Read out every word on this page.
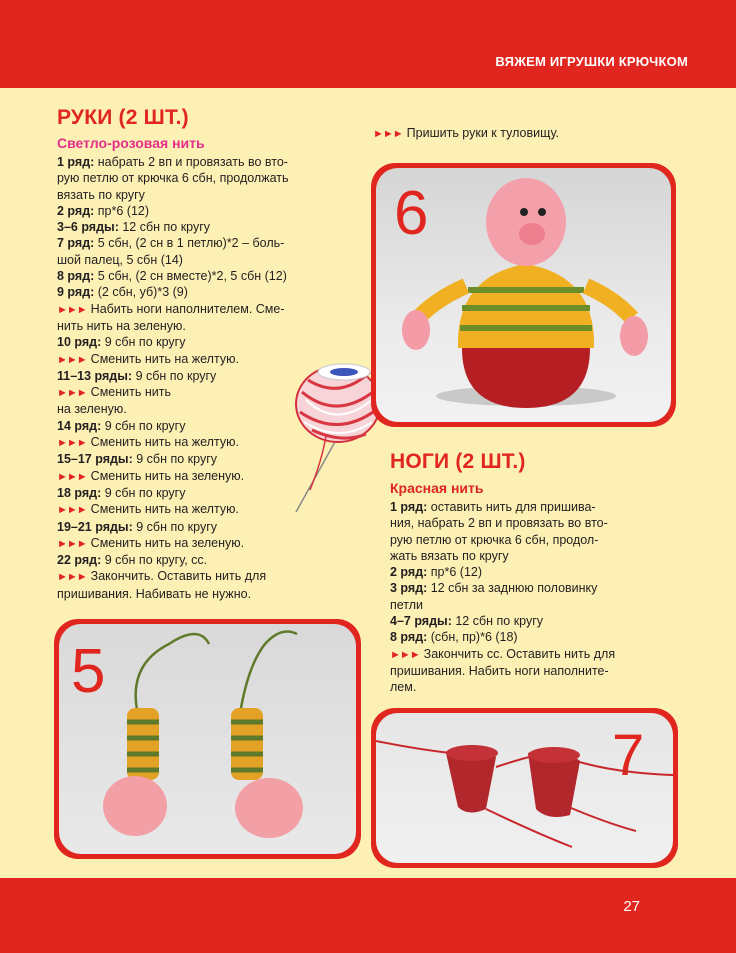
ВЯЖЕМ ИГРУШКИ КРЮЧКОМ
27
РУКИ (2 ШТ.)
Светло-розовая нить
1 ряд: набрать 2 вп и провязать во вто-
рую петлю от крючка 6 сбн, продолжать
вязать по кругу
2 ряд: пр*6 (12)
3–6 ряды: 12 сбн по кругу
7 ряд: 5 сбн, (2 сн в 1 петлю)*2 – боль-
шой палец, 5 сбн (14)
8 ряд: 5 сбн, (2 сн вместе)*2, 5 сбн (12)
9 ряд: (2 сбн, уб)*3 (9)
►►► Набить ноги наполнителем. Сме-
нить нить на зеленую.
10 ряд: 9 сбн по кругу
►►► Сменить нить на желтую.
11–13 ряды: 9 сбн по кругу
►►► Сменить нить
на зеленую.
14 ряд: 9 сбн по кругу
►►► Сменить нить на желтую.
15–17 ряды: 9 сбн по кругу
►►► Сменить нить на зеленую.
18 ряд: 9 сбн по кругу
►►► Сменить нить на желтую.
19–21 ряды: 9 сбн по кругу
►►► Сменить нить на зеленую.
22 ряд: 9 сбн по кругу, сс.
►►► Закончить. Оставить нить для
пришивания. Набивать не нужно.
►►► Пришить руки к туловищу.
6
НОГИ (2 ШТ.)
Красная нить
1 ряд: оставить нить для пришива-
ния, набрать 2 вп и провязать во вто-
рую петлю от крючка 6 сбн, продол-
жать вязать по кругу
2 ряд: пр*6 (12)
3 ряд: 12 сбн за заднюю половинку
петли
4–7 ряды: 12 сбн по кругу
8 ряд: (сбн, пр)*6 (18)
►►► Закончить сс. Оставить нить для
пришивания. Набить ноги наполните-
лем.
5
7
